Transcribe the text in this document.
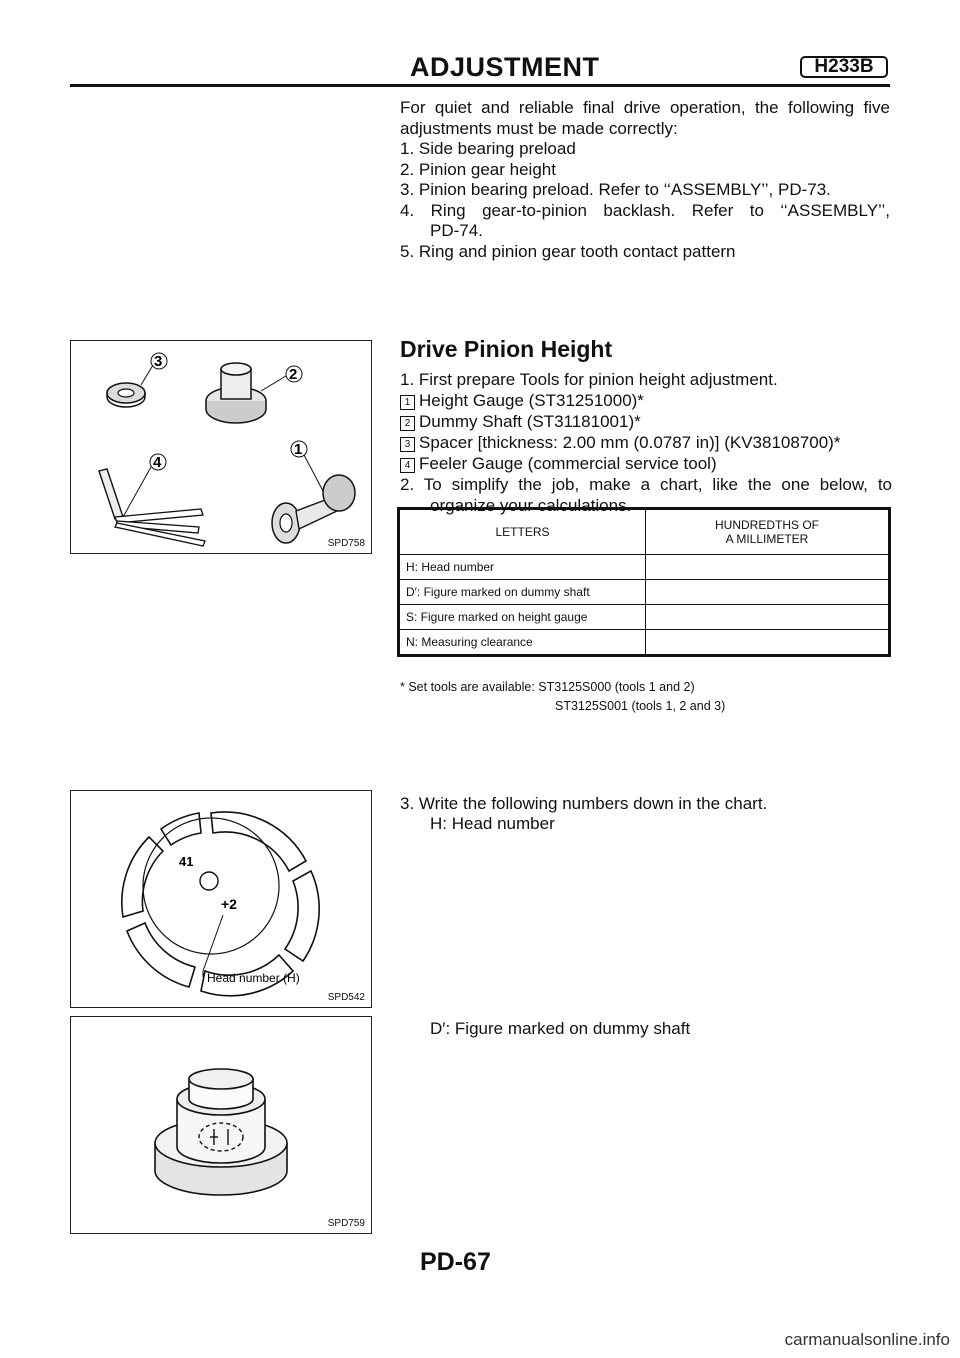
ADJUSTMENT	H233B
For quiet and reliable final drive operation, the following five
adjustments must be made correctly:
1. Side bearing preload
2. Pinion gear height
3. Pinion bearing preload. Refer to ‘‘ASSEMBLY’’, PD-73.
4. Ring gear-to-pinion backlash. Refer to ‘‘ASSEMBLY’’,
PD-74.
5. Ring and pinion gear tooth contact pattern
3
2
4
1
SPD758
Drive Pinion Height
1. First prepare Tools for pinion height adjustment.
1 Height Gauge (ST31251000)*
2 Dummy Shaft (ST31181001)*
3 Spacer [thickness: 2.00 mm (0.0787 in)] (KV38108700)*
4 Feeler Gauge (commercial service tool)
2. To simplify the job, make a chart, like the one below, to
organize your calculations.
LETTERS	HUNDREDTHS OF
A MILLIMETER

H: Head number	
D′: Figure marked on dummy shaft	
S: Figure marked on height gauge	
N: Measuring clearance	
* Set tools are available: ST3125S000 (tools 1 and 2)
ST3125S001 (tools 1, 2 and 3)
41
+2
Head number (H)
SPD542
3. Write the following numbers down in the chart.
H: Head number
D′: Figure marked on dummy shaft
SPD759
PD-67
carmanualsonline.info
